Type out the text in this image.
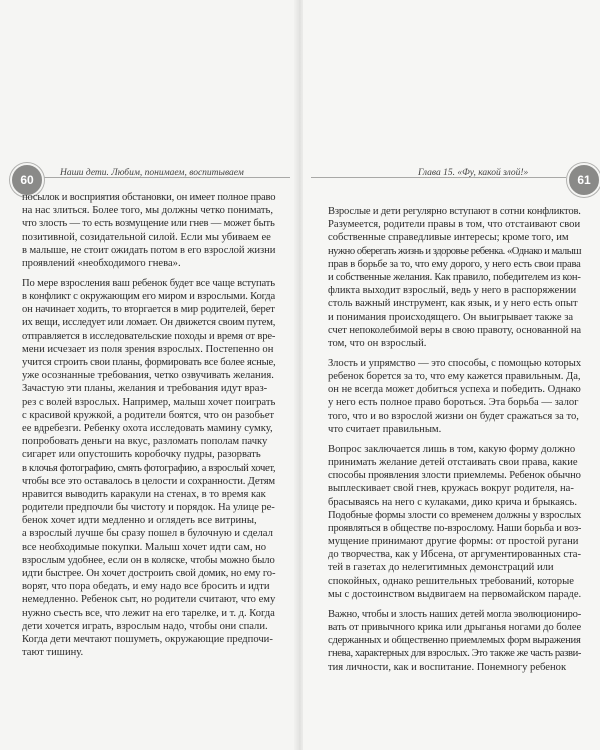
60	Наши дети. Любим, понимаем, воспитываем
посылок и восприятия обстановки, он имеет полное право
на нас злиться. Более того, мы должны четко понимать,
что злость — то есть возмущение или гнев — может быть
позитивной, созидательной силой. Если мы убиваем ее
в малыше, не стоит ожидать потом в его взрослой жизни
проявлений «необходимого гнева».
По мере взросления ваш ребенок будет все чаще вступать
в конфликт с окружающим его миром и взрослыми. Когда
он начинает ходить, то вторгается в мир родителей, берет
их вещи, исследует или ломает. Он движется своим путем,
отправляется в исследовательские походы и время от вре-
мени исчезает из поля зрения взрослых. Постепенно он
учится строить свои планы, формировать все более ясные,
уже осознанные требования, четко озвучивать желания.
Зачастую эти планы, желания и требования идут враз-
рез с волей взрослых. Например, малыш хочет поиграть
с красивой кружкой, а родители боятся, что он разобьет
ее вдребезги. Ребенку охота исследовать мамину сумку,
попробовать деньги на вкус, разломать пополам пачку
сигарет или опустошить коробочку пудры, разорвать
в клочья фотографию, смять фотографию, а взрослый хочет,
чтобы все это оставалось в целости и сохранности. Детям
нравится выводить каракули на стенах, в то время как
родители предпочли бы чистоту и порядок. На улице ре-
бенок хочет идти медленно и оглядеть все витрины,
а взрослый лучше бы сразу пошел в булочную и сделал
все необходимые покупки. Малыш хочет идти сам, но
взрослым удобнее, если он в коляске, чтобы можно было
идти быстрее. Он хочет достроить свой домик, но ему го-
ворят, что пора обедать, и ему надо все бросить и идти
немедленно. Ребенок сыт, но родители считают, что ему
нужно съесть все, что лежит на его тарелке, и т. д. Когда
дети хочется играть, взрослым надо, чтобы они спали.
Когда дети мечтают пошуметь, окружающие предпочи-
тают тишину.
Глава 15. «Фу, какой злой!»	61
Взрослые и дети регулярно вступают в сотни конфликтов.
Разумеется, родители правы в том, что отстаивают свои
собственные справедливые интересы; кроме того, им
нужно оберегать жизнь и здоровье ребенка. «Однако и малыш
прав в борьбе за то, что ему дорого, у него есть свои права
и собственные желания. Как правило, победителем из кон-
фликта выходит взрослый, ведь у него в распоряжении
столь важный инструмент, как язык, и у него есть опыт
и понимания происходящего. Он выигрывает также за
счет непоколебимой веры в свою правоту, основанной на
том, что он взрослый.
Злость и упрямство — это способы, с помощью которых
ребенок борется за то, что ему кажется правильным. Да,
он не всегда может добиться успеха и победить. Однако
у него есть полное право бороться. Эта борьба — залог
того, что и во взрослой жизни он будет сражаться за то,
что считает правильным.
Вопрос заключается лишь в том, какую форму должно
принимать желание детей отстаивать свои права, какие
способы проявления злости приемлемы. Ребенок обычно
выплескивает свой гнев, кружась вокруг родителя, на-
брасываясь на него с кулаками, дико крича и брыкаясь.
Подобные формы злости со временем должны у взрослых
проявляться в обществе по-взрослому. Наши борьба и воз-
мущение принимают другие формы: от простой ругани
до творчества, как у Ибсена, от аргументированных ста-
тей в газетах до нелегитимных демонстраций или
спокойных, однако решительных требований, которые
мы с достоинством выдвигаем на первомайском параде.
Важно, чтобы и злость наших детей могла эволюциониро-
вать от привычного крика или дрыганья ногами до более
сдержанных и общественно приемлемых форм выражения
гнева, характерных для взрослых. Это также же часть разви-
тия личности, как и воспитание. Понемногу ребенок
